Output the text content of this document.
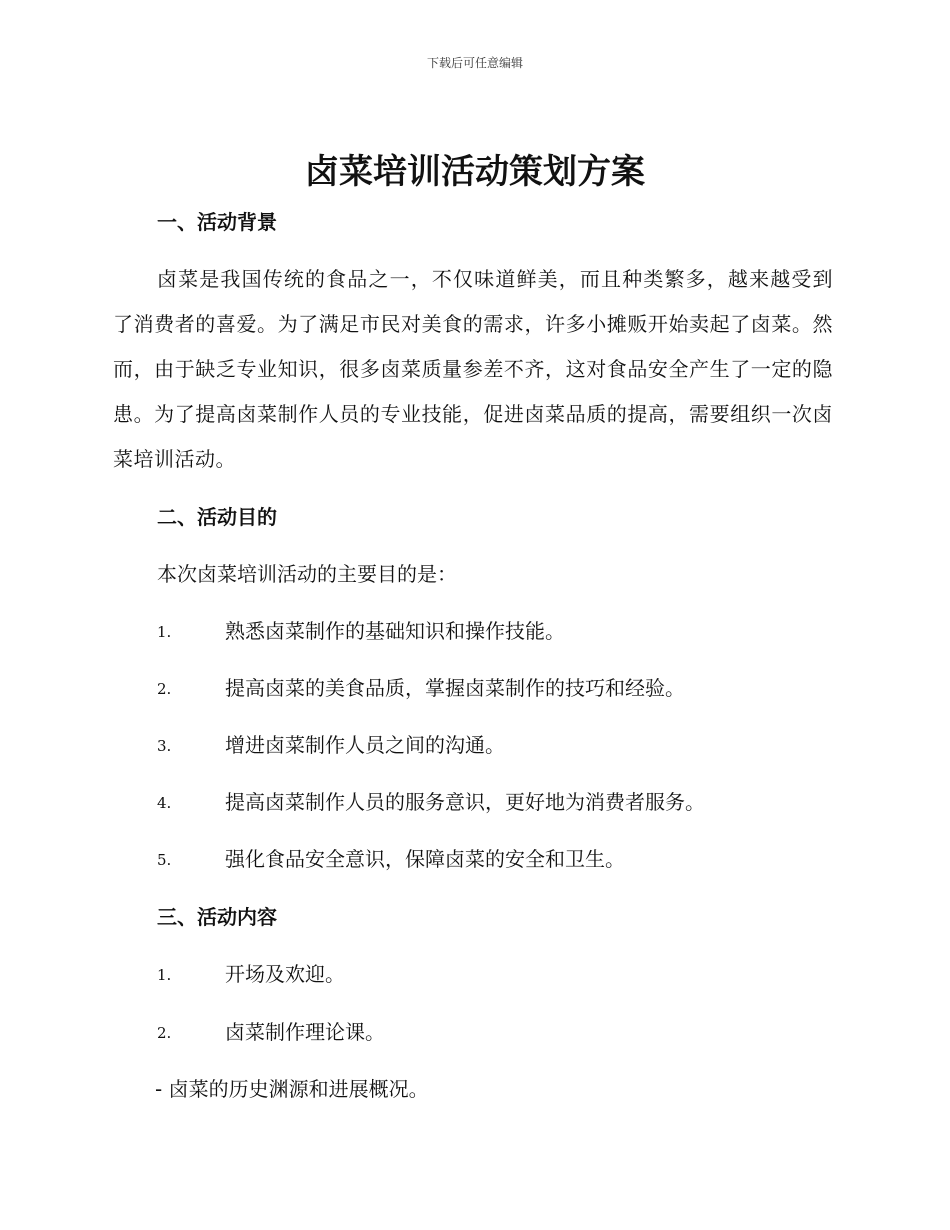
下载后可任意编辑
卤菜培训活动策划方案
一、活动背景

卤菜是我国传统的食品之一，不仅味道鲜美，而且种类繁多，越来越受到了消费者的喜爱。为了满足市民对美食的需求，许多小摊贩开始卖起了卤菜。然而，由于缺乏专业知识，很多卤菜质量参差不齐，这对食品安全产生了一定的隐患。为了提高卤菜制作人员的专业技能，促进卤菜品质的提高，需要组织一次卤菜培训活动。

二、活动目的

本次卤菜培训活动的主要目的是：

1.	熟悉卤菜制作的基础知识和操作技能。
2.	提高卤菜的美食品质，掌握卤菜制作的技巧和经验。
3.	增进卤菜制作人员之间的沟通。
4.	提高卤菜制作人员的服务意识，更好地为消费者服务。
5.	强化食品安全意识，保障卤菜的安全和卫生。
三、活动内容
1.	开场及欢迎。
2.	卤菜制作理论课。

- 卤菜的历史渊源和进展概况。
